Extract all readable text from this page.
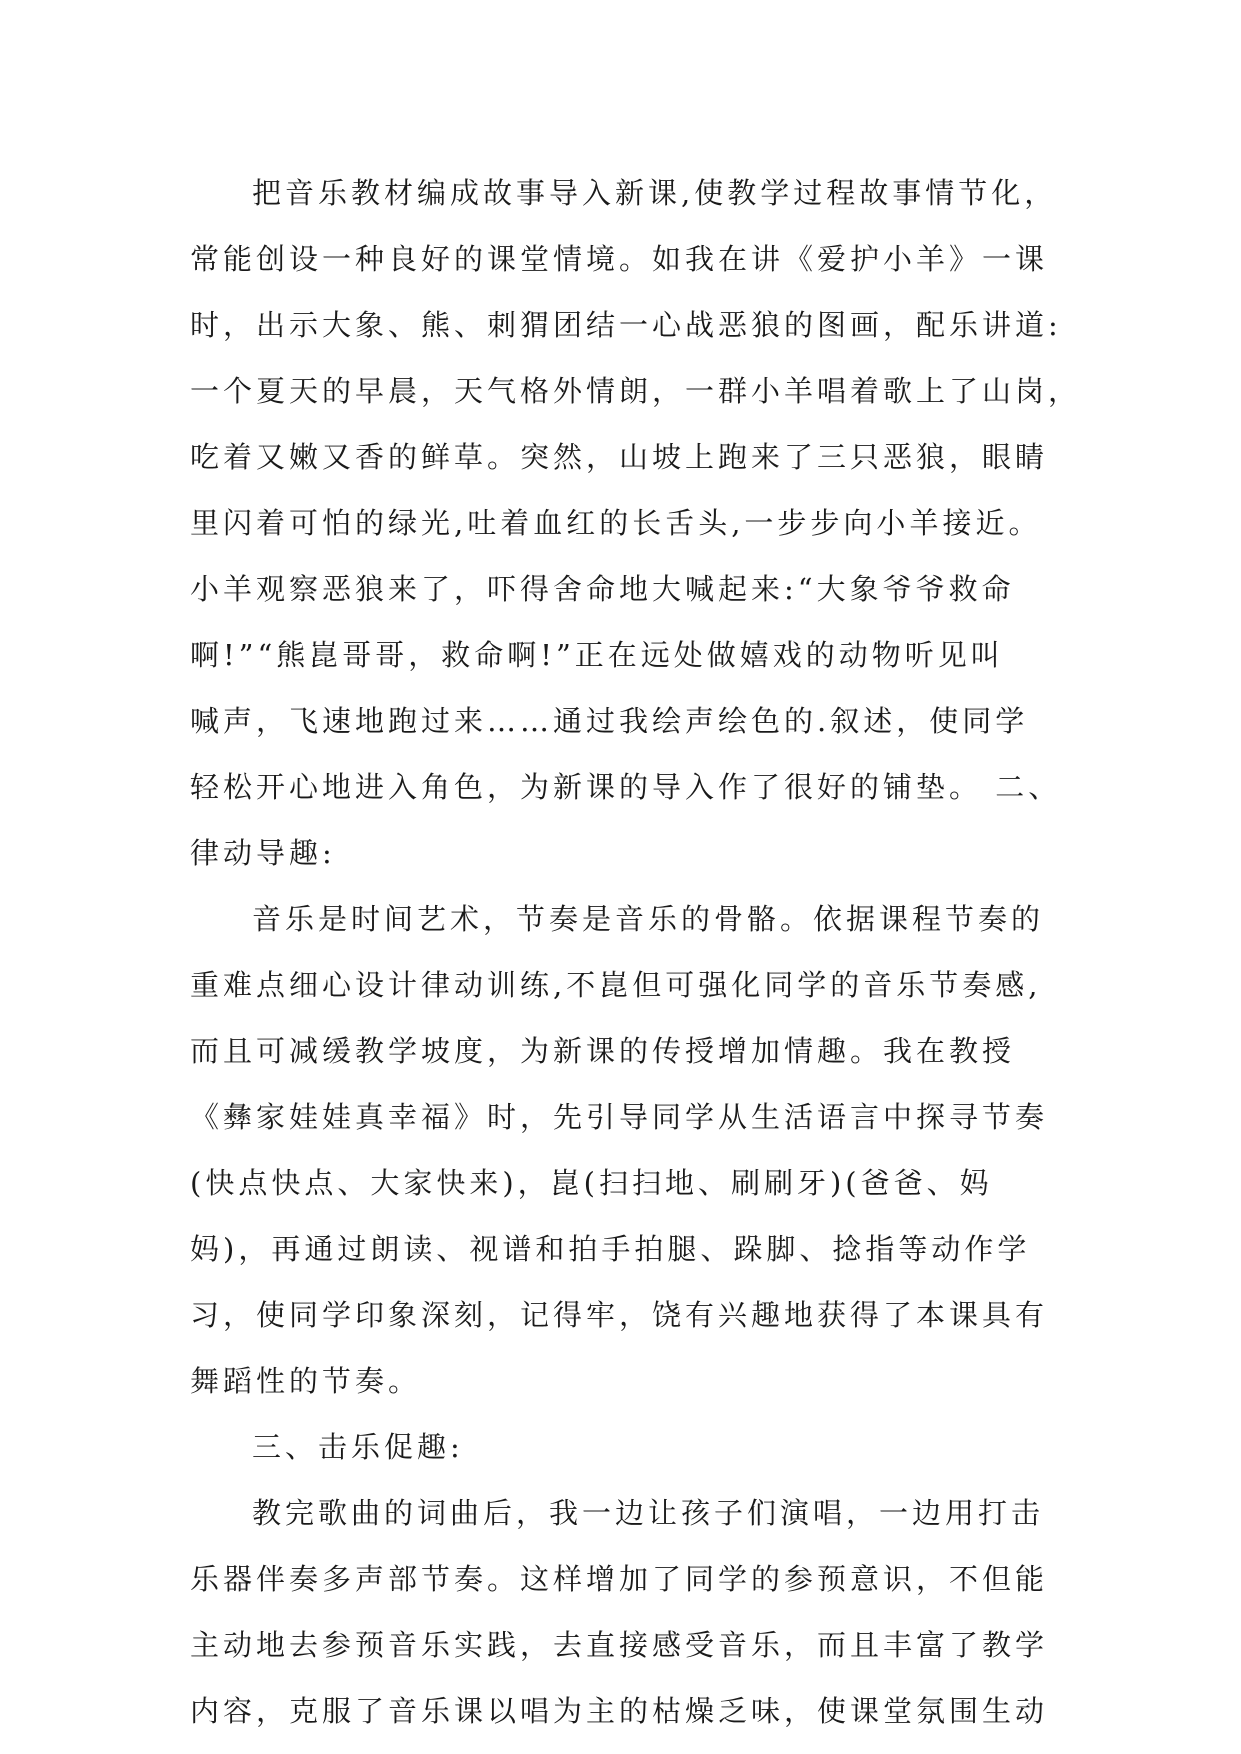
把音乐教材编成故事导入新课,使教学过程故事情节化，
常能创设一种良好的课堂情境。如我在讲《爱护小羊》一课
时，出示大象、熊、刺猬团结一心战恶狼的图画，配乐讲道:
一个夏天的早晨，天气格外情朗，一群小羊唱着歌上了山岗，
吃着又嫩又香的鲜草。突然，山坡上跑来了三只恶狼，眼睛
里闪着可怕的绿光,吐着血红的长舌头,一步步向小羊接近。
小羊观察恶狼来了，吓得舍命地大喊起来:“大象爷爷救命
啊!”“熊崑哥哥，救命啊!”正在远处做嬉戏的动物听见叫
喊声，飞速地跑过来……通过我绘声绘色的.叙述，使同学
轻松开心地进入角色，为新课的导入作了很好的铺垫。 二、
律动导趣:
音乐是时间艺术，节奏是音乐的骨骼。依据课程节奏的
重难点细心设计律动训练,不崑但可强化同学的音乐节奏感,
而且可减缓教学坡度，为新课的传授增加情趣。我在教授
《彝家娃娃真幸福》时，先引导同学从生活语言中探寻节奏
(快点快点、大家快来)，崑(扫扫地、刷刷牙)(爸爸、妈
妈)，再通过朗读、视谱和拍手拍腿、跺脚、捻指等动作学
习，使同学印象深刻，记得牢，饶有兴趣地获得了本课具有
舞蹈性的节奏。
三、击乐促趣:
教完歌曲的词曲后，我一边让孩子们演唱，一边用打击
乐器伴奏多声部节奏。这样增加了同学的参预意识，不但能
主动地去参预音乐实践，去直接感受音乐，而且丰富了教学
内容，克服了音乐课以唱为主的枯燥乏味，使课堂氛围生动
